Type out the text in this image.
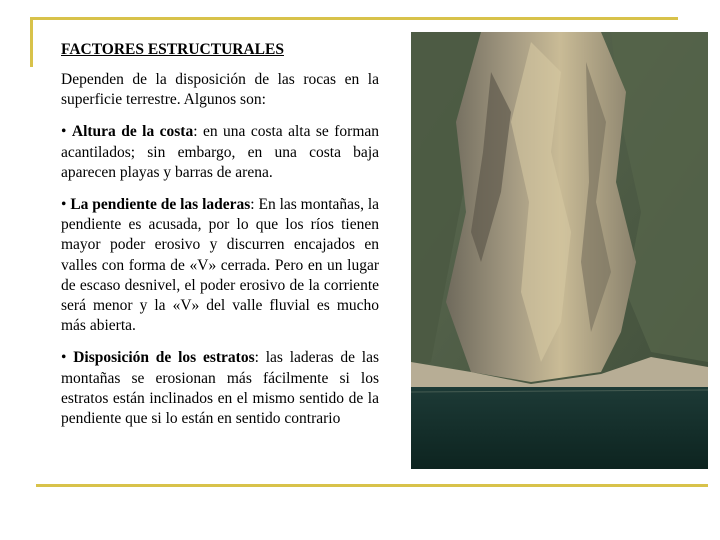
FACTORES ESTRUCTURALES

Dependen de la disposición de las rocas en la superficie terrestre. Algunos son:

• Altura de la costa: en una costa alta se forman acantilados; sin embargo, en una costa baja aparecen playas y barras de arena.

• La pendiente de las laderas: En las montañas, la pendiente es acusada, por lo que los ríos tienen mayor poder erosivo y discurren encajados en valles con forma de «V» cerrada. Pero en un lugar de escaso desnivel, el poder erosivo de la corriente será menor y la «V» del valle fluvial es mucho más abierta.

• Disposición de los estratos: las laderas de las montañas se erosionan más fácilmente si los estratos están inclinados en el mismo sentido de la pendiente que si lo están en sentido contrario
